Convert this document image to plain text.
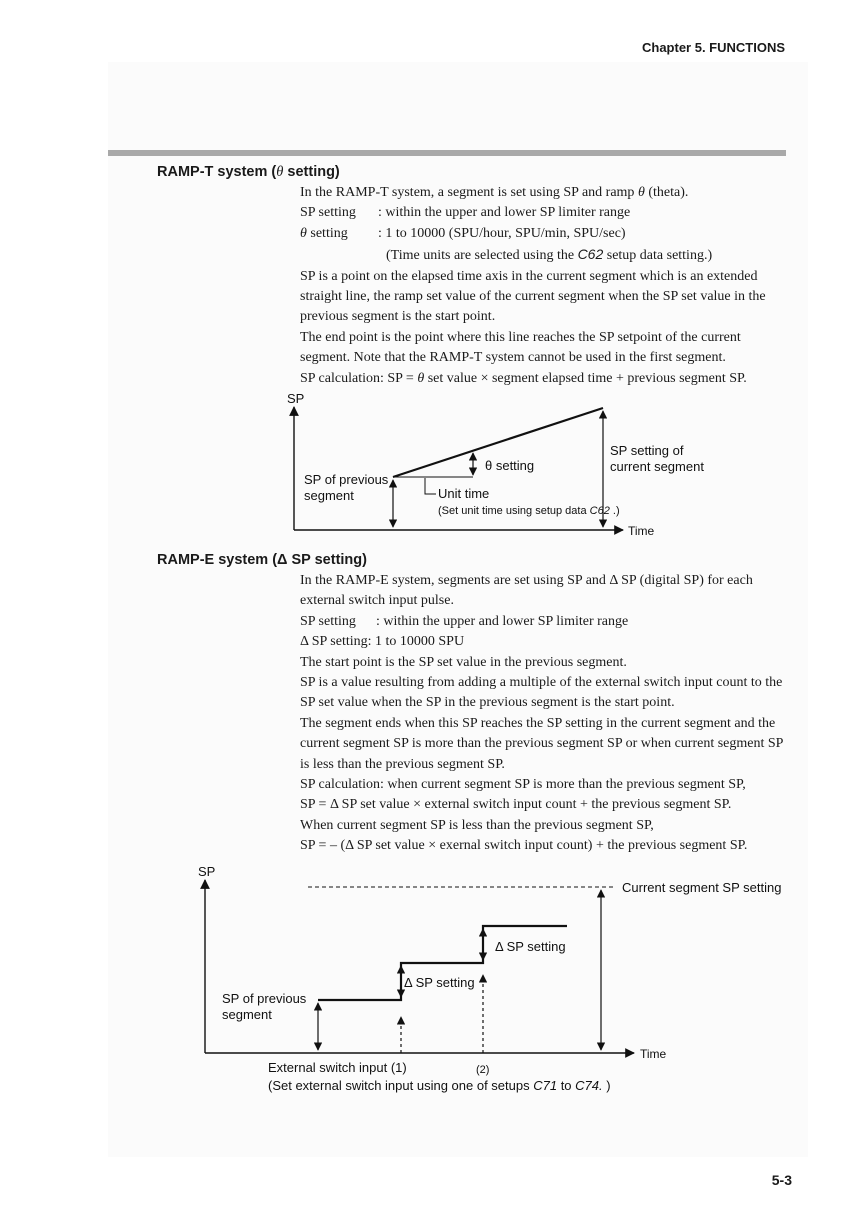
Chapter 5. FUNCTIONS
RAMP-T system (θ setting)

In the RAMP-T system, a segment is set using SP and ramp θ (theta).

SP setting : within the upper and lower SP limiter range

θ setting : 1 to 10000 (SPU/hour, SPU/min, SPU/sec)

(Time units are selected using the C62 setup data setting.)

SP is a point on the elapsed time axis in the current segment which is an extended straight line, the ramp set value of the current segment when the SP set value in the previous segment is the start point.

The end point is the point where this line reaches the SP setpoint of the current segment. Note that the RAMP-T system cannot be used in the first segment.

SP calculation: SP = θ set value × segment elapsed time + previous segment SP.

SP
Time
θ setting
SP of previous
segment	Unit time
(Set unit time using setup data C62 .)
SP setting of
current segment
RAMP-E system (Δ SP setting)

In the RAMP-E system, segments are set using SP and Δ SP (digital SP) for each external switch input pulse.

SP setting : within the upper and lower SP limiter range

Δ SP setting: 1 to 10000 SPU

The start point is the SP set value in the previous segment.

SP is a value resulting from adding a multiple of the external switch input count to the SP set value when the SP in the previous segment is the start point.

The segment ends when this SP reaches the SP setting in the current segment and the current segment SP is more than the previous segment SP or when current segment SP is less than the previous segment SP.

SP calculation: when current segment SP is more than the previous segment SP,

SP = Δ SP set value × external switch input count + the previous segment SP.

When current segment SP is less than the previous segment SP,

SP = – (Δ SP set value × exernal switch input count) + the previous segment SP.

SP
Time
Current segment SP setting
Δ SP setting
Δ SP setting
SP of previous
segment
External switch input (1)	(2)
(Set external switch input using one of setups C71 to C74. )
5-3
